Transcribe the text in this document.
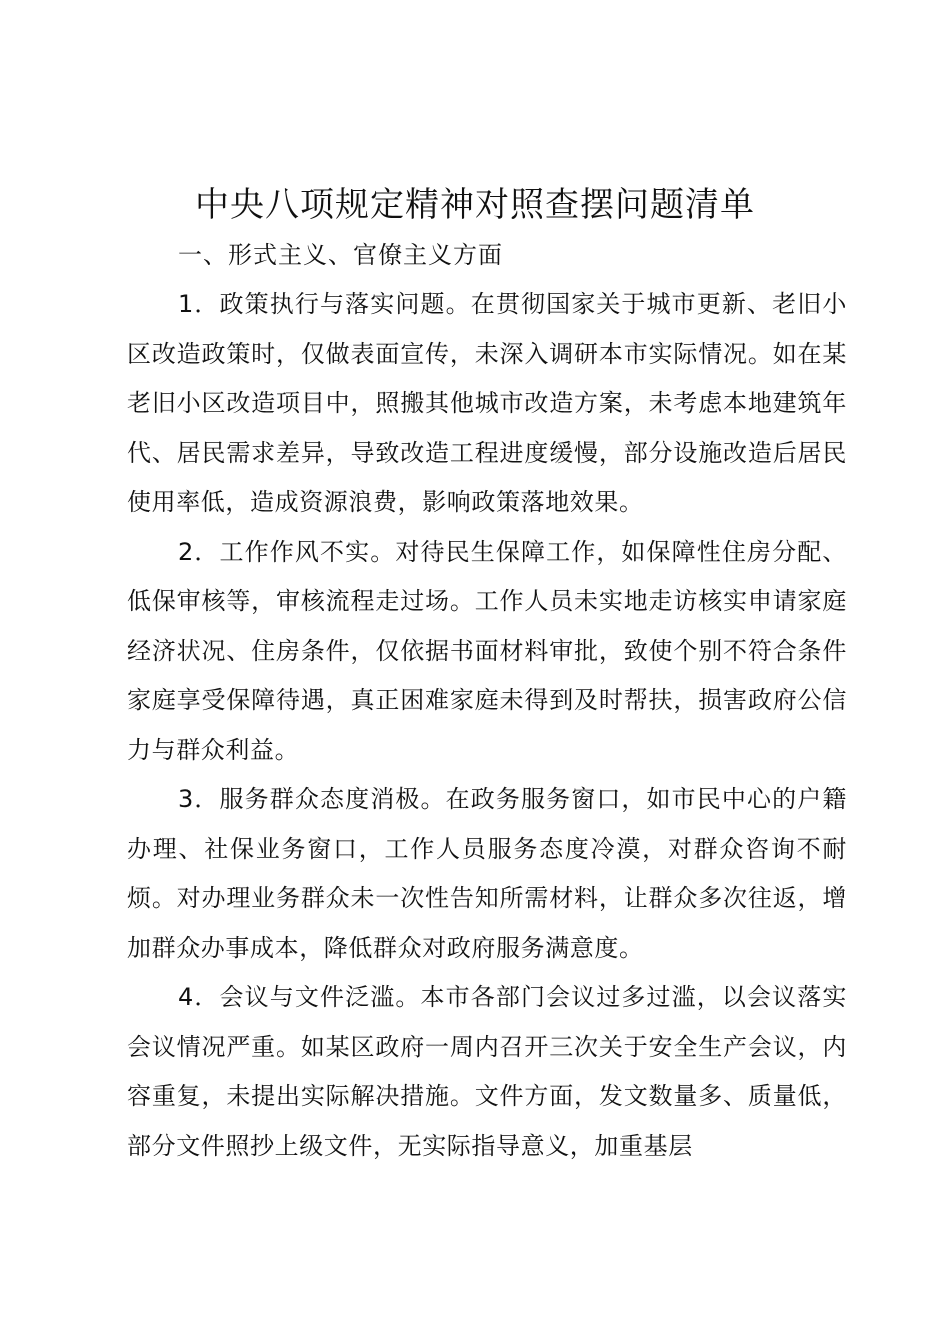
中央八项规定精神对照查摆问题清单

一、形式主义、官僚主义方面

1．政策执行与落实问题。在贯彻国家关于城市更新、老旧小区改造政策时，仅做表面宣传，未深入调研本市实际情况。如在某老旧小区改造项目中，照搬其他城市改造方案，未考虑本地建筑年代、居民需求差异，导致改造工程进度缓慢，部分设施改造后居民使用率低，造成资源浪费，影响政策落地效果。

2．工作作风不实。对待民生保障工作，如保障性住房分配、低保审核等，审核流程走过场。工作人员未实地走访核实申请家庭经济状况、住房条件，仅依据书面材料审批，致使个别不符合条件家庭享受保障待遇，真正困难家庭未得到及时帮扶，损害政府公信力与群众利益。

3．服务群众态度消极。在政务服务窗口，如市民中心的户籍办理、社保业务窗口，工作人员服务态度冷漠，对群众咨询不耐烦。对办理业务群众未一次性告知所需材料，让群众多次往返，增加群众办事成本，降低群众对政府服务满意度。

4．会议与文件泛滥。本市各部门会议过多过滥，以会议落实会议情况严重。如某区政府一周内召开三次关于安全生产会议，内容重复，未提出实际解决措施。文件方面，发文数量多、质量低，部分文件照抄上级文件，无实际指导意义，加重基层
